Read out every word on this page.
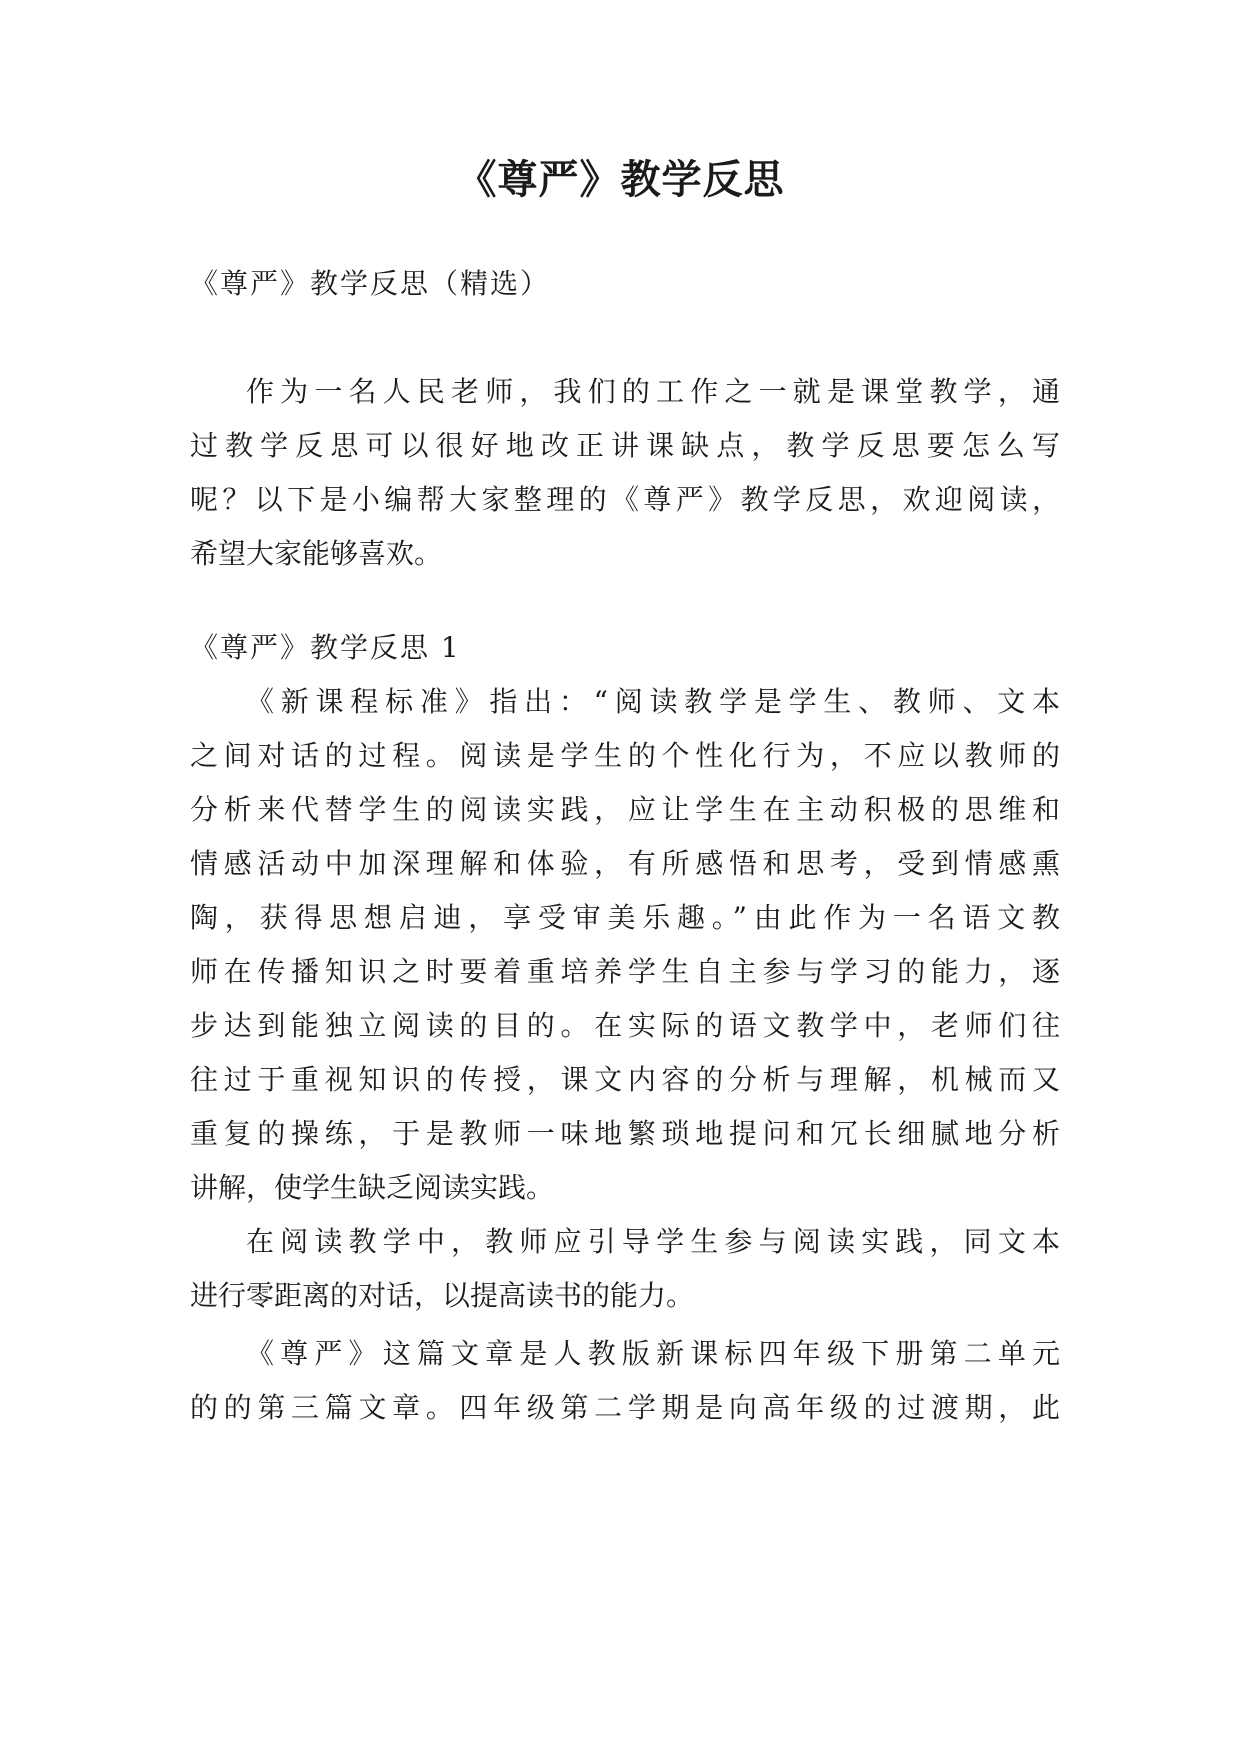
《尊严》教学反思

《尊严》教学反思（精选）

作为一名人民老师，我们的工作之一就是课堂教学，通

过教学反思可以很好地改正讲课缺点，教学反思要怎么写

呢？以下是小编帮大家整理的《尊严》教学反思，欢迎阅读，

希望大家能够喜欢。

《尊严》教学反思 1

《新课程标准》指出：“阅读教学是学生、教师、文本

之间对话的过程。阅读是学生的个性化行为，不应以教师的

分析来代替学生的阅读实践，应让学生在主动积极的思维和

情感活动中加深理解和体验，有所感悟和思考，受到情感熏

陶，获得思想启迪，享受审美乐趣。”由此作为一名语文教

师在传播知识之时要着重培养学生自主参与学习的能力，逐

步达到能独立阅读的目的。在实际的语文教学中，老师们往

往过于重视知识的传授，课文内容的分析与理解，机械而又

重复的操练，于是教师一味地繁琐地提问和冗长细腻地分析

讲解，使学生缺乏阅读实践。

在阅读教学中，教师应引导学生参与阅读实践，同文本

进行零距离的对话，以提高读书的能力。

《尊严》这篇文章是人教版新课标四年级下册第二单元

的的第三篇文章。四年级第二学期是向高年级的过渡期，此
